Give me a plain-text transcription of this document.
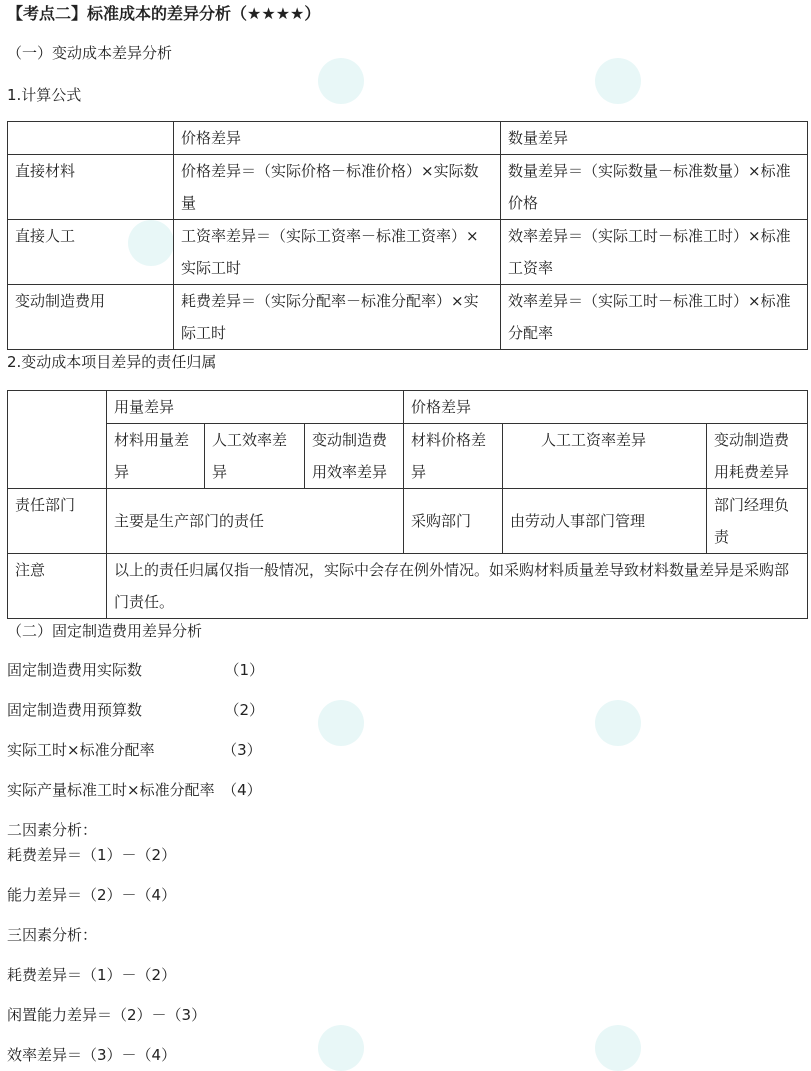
【考点二】标准成本的差异分析（★★★★）
（一）变动成本差异分析
1.计算公式
	价格差异	数量差异
直接材料	价格差异＝（实际价格－标准价格）×实际数量	数量差异＝（实际数量－标准数量）×标准价格
直接人工	工资率差异＝（实际工资率－标准工资率）×实际工时	效率差异＝（实际工时－标准工时）×标准工资率
变动制造费用	耗费差异＝（实际分配率－标准分配率）×实际工时	效率差异＝（实际工时－标准工时）×标准分配率
2.变动成本项目差异的责任归属
	用量差异			价格差异		
	材料用量差异	人工效率差异	变动制造费用效率差异	材料价格差异	人工工资率差异	变动制造费用耗费差异
责任部门	主要是生产部门的责任			采购部门	由劳动人事部门管理	部门经理负责
注意	以上的责任归属仅指一般情况，实际中会存在例外情况。如采购材料质量差导致材料数量差异是采购部门责任。					
（二）固定制造费用差异分析
固定制造费用实际数　　　　　　（1）
固定制造费用预算数　　　　　　（2）
实际工时×标准分配率　　　　　（3）
实际产量标准工时×标准分配率　（4）
二因素分析：
耗费差异＝（1）－（2）
能力差异＝（2）－（4）
三因素分析：
耗费差异＝（1）－（2）
闲置能力差异＝（2）－（3）
效率差异＝（3）－（4）
